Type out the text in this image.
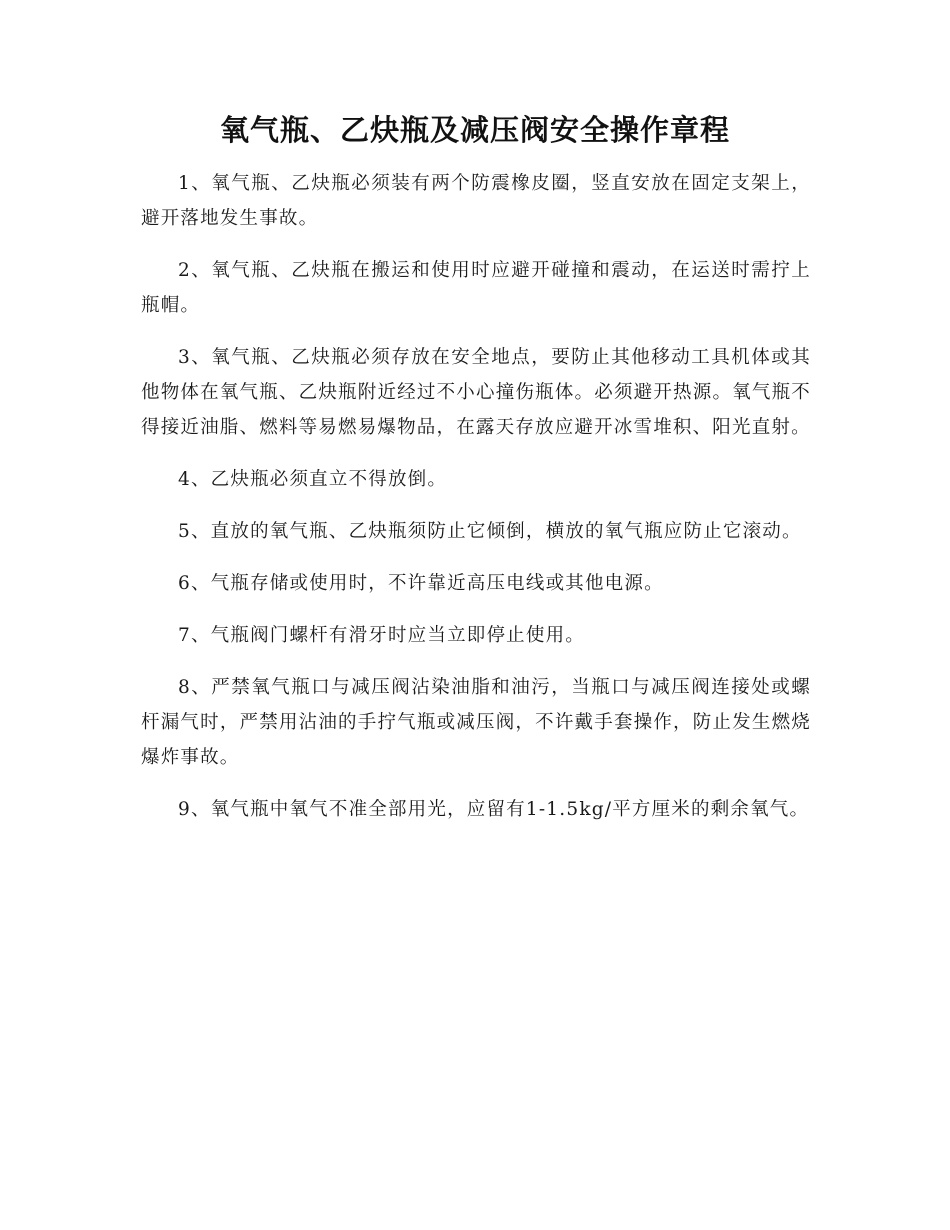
氧气瓶、乙炔瓶及减压阀安全操作章程

1、氧气瓶、乙炔瓶必须装有两个防震橡皮圈，竖直安放在固定支架上，避开落地发生事故。

2、氧气瓶、乙炔瓶在搬运和使用时应避开碰撞和震动，在运送时需拧上瓶帽。

3、氧气瓶、乙炔瓶必须存放在安全地点，要防止其他移动工具机体或其他物体在氧气瓶、乙炔瓶附近经过不小心撞伤瓶体。必须避开热源。氧气瓶不得接近油脂、燃料等易燃易爆物品，在露天存放应避开冰雪堆积、阳光直射。

4、乙炔瓶必须直立不得放倒。

5、直放的氧气瓶、乙炔瓶须防止它倾倒，横放的氧气瓶应防止它滚动。

6、气瓶存储或使用时，不许靠近高压电线或其他电源。

7、气瓶阀门螺杆有滑牙时应当立即停止使用。

8、严禁氧气瓶口与减压阀沾染油脂和油污，当瓶口与减压阀连接处或螺杆漏气时，严禁用沾油的手拧气瓶或减压阀，不许戴手套操作，防止发生燃烧爆炸事故。

9、氧气瓶中氧气不准全部用光，应留有1-1.5kg/平方厘米的剩余氧气。
